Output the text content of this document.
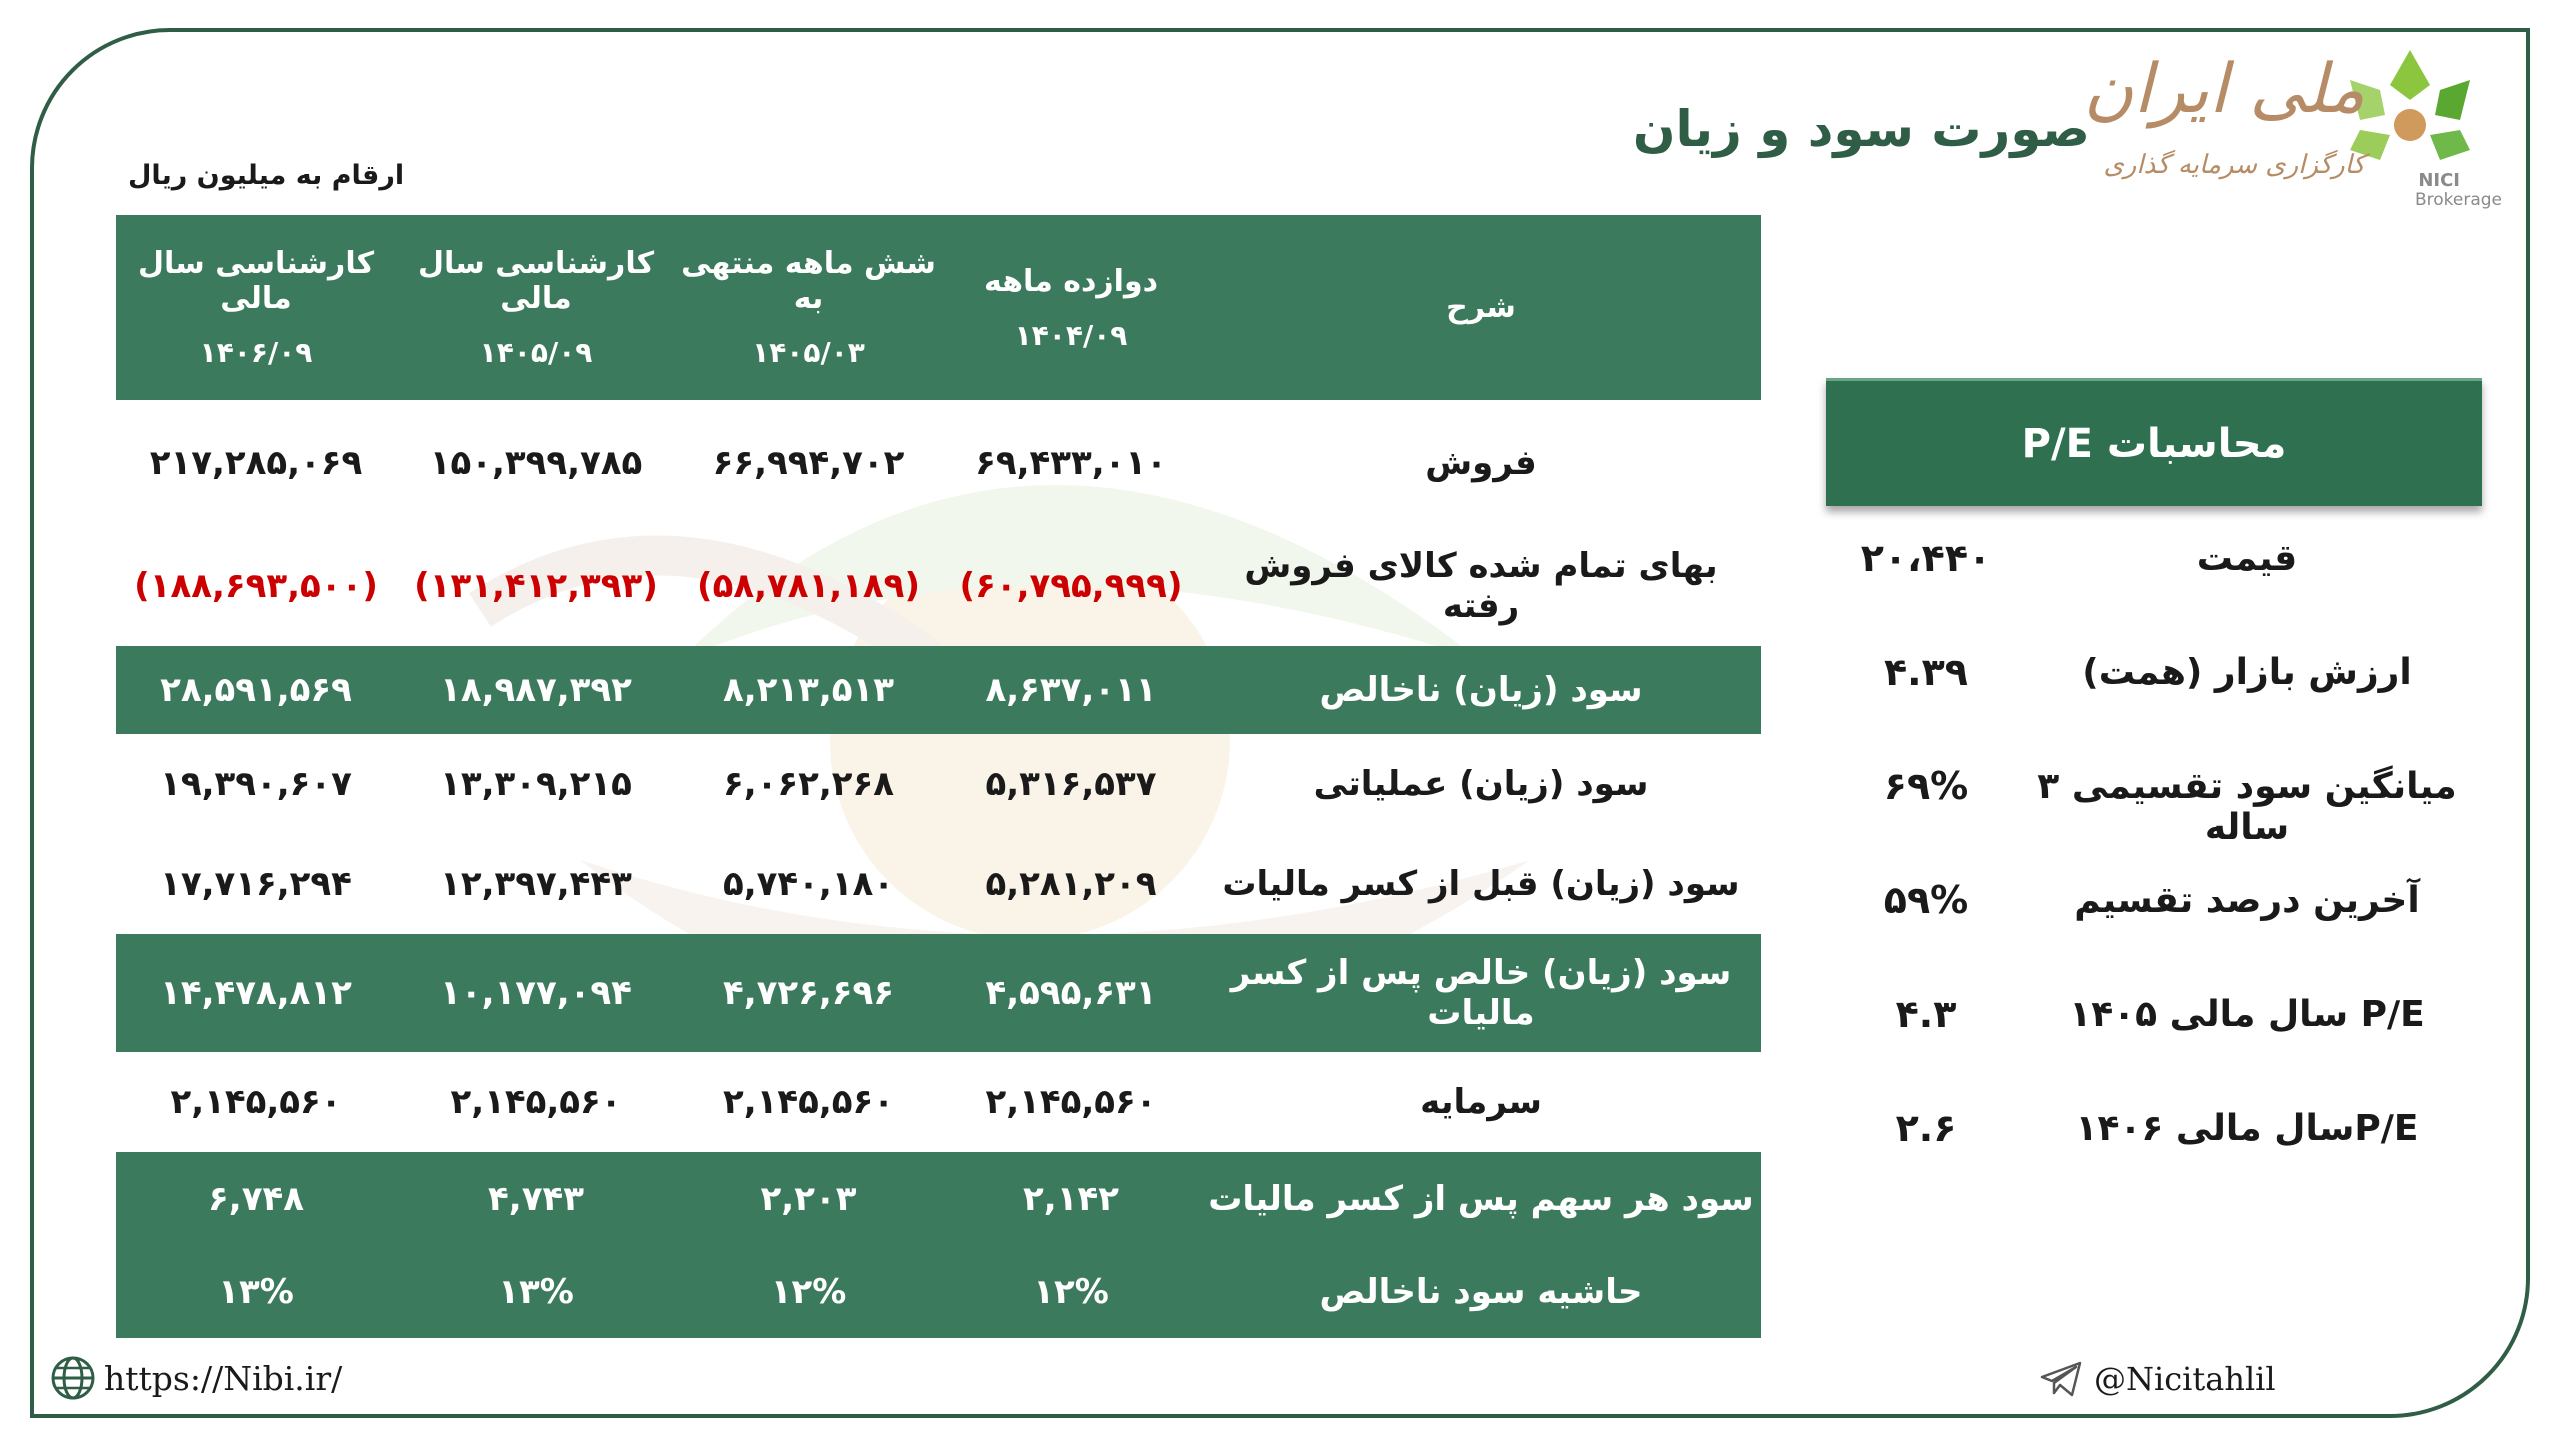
ملی ایران
کارگزاری سرمایه گذاری
NICI
Brokerage
صورت سود و زیان
ارقام به میلیون ریال
شرح
دوازده ماهه
۱۴۰۴/۰۹
شش ماهه منتهی به
۱۴۰۵/۰۳
کارشناسی سال مالی
۱۴۰۵/۰۹
کارشناسی سال مالی
۱۴۰۶/۰۹
فروش
۶۹,۴۳۳,۰۱۰
۶۶,۹۹۴,۷۰۲
۱۵۰,۳۹۹,۷۸۵
۲۱۷,۲۸۵,۰۶۹
بهای تمام شده کالای فروش رفته
(۶۰,۷۹۵,۹۹۹)
(۵۸,۷۸۱,۱۸۹)
(۱۳۱,۴۱۲,۳۹۳)
(۱۸۸,۶۹۳,۵۰۰)
سود (زیان) ناخالص
۸,۶۳۷,۰۱۱
۸,۲۱۳,۵۱۳
۱۸,۹۸۷,۳۹۲
۲۸,۵۹۱,۵۶۹
سود (زیان) عملیاتی
۵,۳۱۶,۵۳۷
۶,۰۶۲,۲۶۸
۱۳,۳۰۹,۲۱۵
۱۹,۳۹۰,۶۰۷
سود (زیان) قبل از کسر مالیات
۵,۲۸۱,۲۰۹
۵,۷۴۰,۱۸۰
۱۲,۳۹۷,۴۴۳
۱۷,۷۱۶,۲۹۴
سود (زیان) خالص پس از کسر مالیات
۴,۵۹۵,۶۳۱
۴,۷۲۶,۶۹۶
۱۰,۱۷۷,۰۹۴
۱۴,۴۷۸,۸۱۲
سرمایه
۲,۱۴۵,۵۶۰
۲,۱۴۵,۵۶۰
۲,۱۴۵,۵۶۰
۲,۱۴۵,۵۶۰
سود هر سهم پس از کسر مالیات
۲,۱۴۲
۲,۲۰۳
۴,۷۴۳
۶,۷۴۸
حاشیه سود ناخالص
۱۲%
۱۲%
۱۳%
۱۳%
محاسبات P/E
قیمت
۲۰،۴۴۰
ارزش بازار (همت)
۴.۳۹
میانگین سود تقسیمی ۳ ساله
۶۹%
آخرین درصد تقسیم
۵۹%
P/E سال مالی ۱۴۰۵
۴.۳
P/Eسال مالی ۱۴۰۶
۲.۶
https://Nibi.ir/	@Nicitahlil
